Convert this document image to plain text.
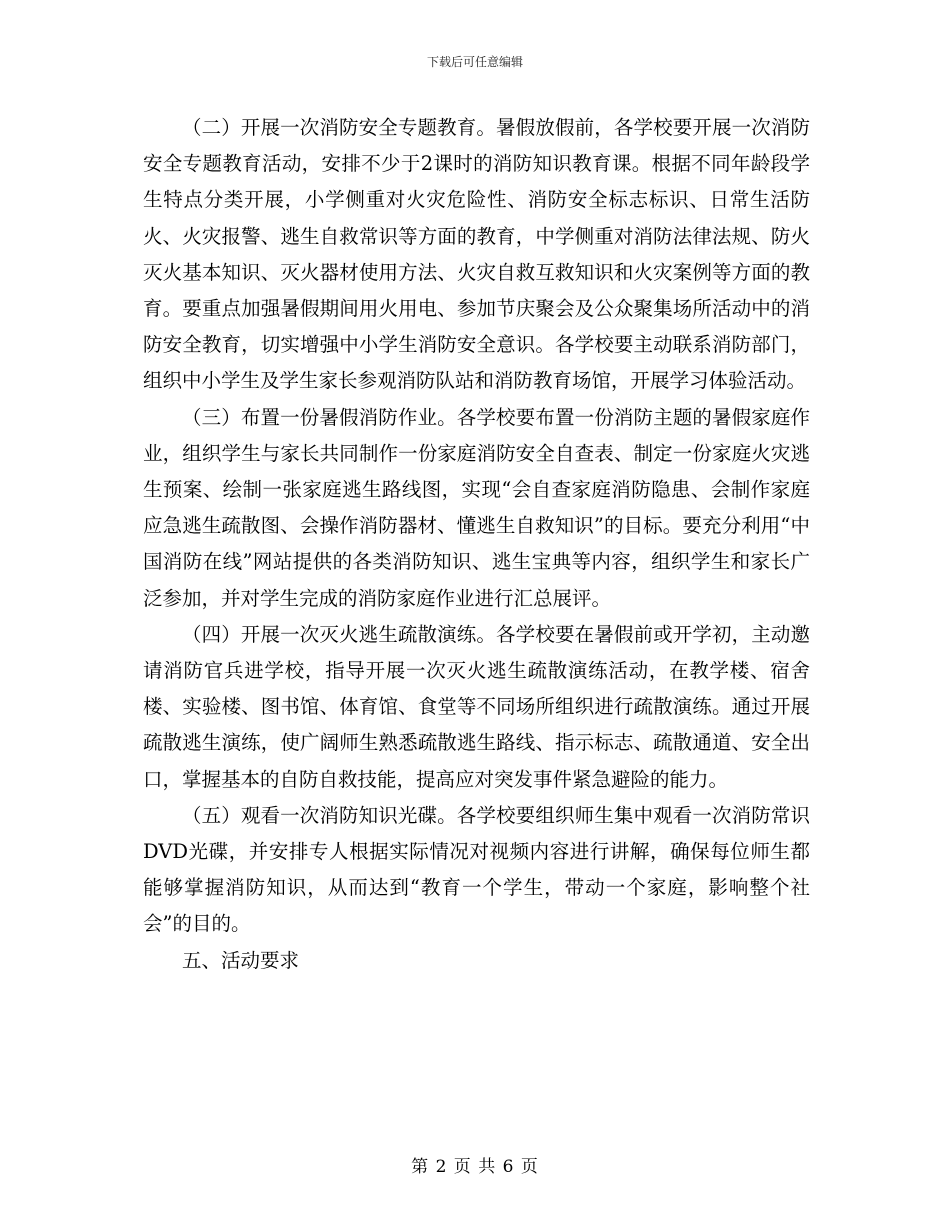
下载后可任意编辑

（二）开展一次消防安全专题教育。暑假放假前，各学校要开展一次消防安全专题教育活动，安排不少于2课时的消防知识教育课。根据不同年龄段学生特点分类开展，小学侧重对火灾危险性、消防安全标志标识、日常生活防火、火灾报警、逃生自救常识等方面的教育，中学侧重对消防法律法规、防火灭火基本知识、灭火器材使用方法、火灾自救互救知识和火灾案例等方面的教育。要重点加强暑假期间用火用电、参加节庆聚会及公众聚集场所活动中的消防安全教育，切实增强中小学生消防安全意识。各学校要主动联系消防部门，组织中小学生及学生家长参观消防队站和消防教育场馆，开展学习体验活动。

（三）布置一份暑假消防作业。各学校要布置一份消防主题的暑假家庭作业，组织学生与家长共同制作一份家庭消防安全自查表、制定一份家庭火灾逃生预案、绘制一张家庭逃生路线图，实现“会自查家庭消防隐患、会制作家庭应急逃生疏散图、会操作消防器材、懂逃生自救知识”的目标。要充分利用“中国消防在线”网站提供的各类消防知识、逃生宝典等内容，组织学生和家长广泛参加，并对学生完成的消防家庭作业进行汇总展评。

（四）开展一次灭火逃生疏散演练。各学校要在暑假前或开学初，主动邀请消防官兵进学校，指导开展一次灭火逃生疏散演练活动，在教学楼、宿舍楼、实验楼、图书馆、体育馆、食堂等不同场所组织进行疏散演练。通过开展疏散逃生演练，使广阔师生熟悉疏散逃生路线、指示标志、疏散通道、安全出口，掌握基本的自防自救技能，提高应对突发事件紧急避险的能力。

（五）观看一次消防知识光碟。各学校要组织师生集中观看一次消防常识DVD光碟，并安排专人根据实际情况对视频内容进行讲解，确保每位师生都能够掌握消防知识，从而达到“教育一个学生，带动一个家庭，影响整个社会”的目的。

五、活动要求

第 2 页 共 6 页
